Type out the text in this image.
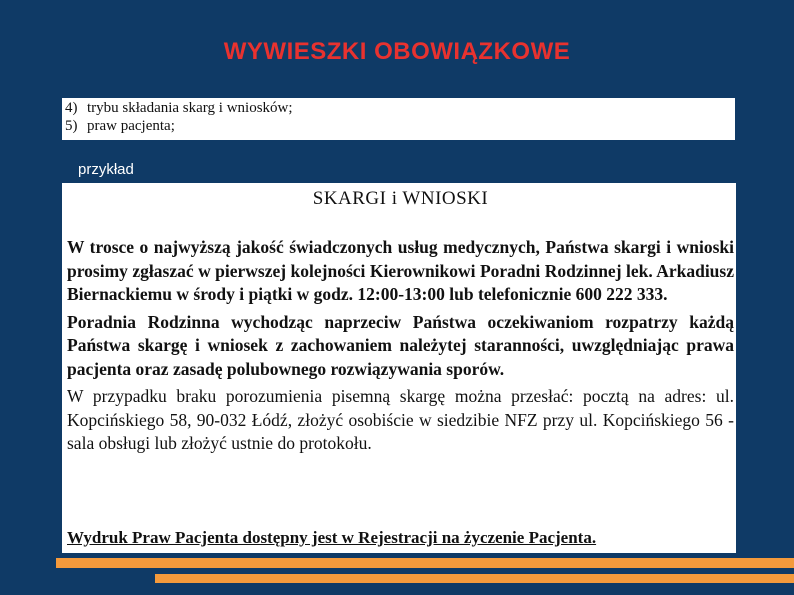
WYWIESZKI OBOWIĄZKOWE
4) trybu składania skarg i wniosków;
5) praw pacjenta;
przykład
SKARGI i WNIOSKI

W trosce o najwyższą jakość świadczonych usług medycznych, Państwa skargi i wnioski prosimy zgłaszać w pierwszej kolejności Kierownikowi Poradni Rodzinnej lek. Arkadiusz Biernackiemu w środy i piątki w godz. 12:00-13:00 lub telefonicznie 600 222 333.

Poradnia Rodzinna wychodząc naprzeciw Państwa oczekiwaniom rozpatrzy każdą Państwa skargę i wniosek z zachowaniem należytej staranności, uwzględniając prawa pacjenta oraz zasadę polubownego rozwiązywania sporów.

W przypadku braku porozumienia pisemną skargę można przesłać: pocztą na adres: ul. Kopcińskiego 58, 90-032 Łódź, złożyć osobiście w siedzibie NFZ przy ul. Kopcińskiego 56 - sala obsługi lub złożyć ustnie do protokołu.

Wydruk Praw Pacjenta dostępny jest w Rejestracji na życzenie Pacjenta.
